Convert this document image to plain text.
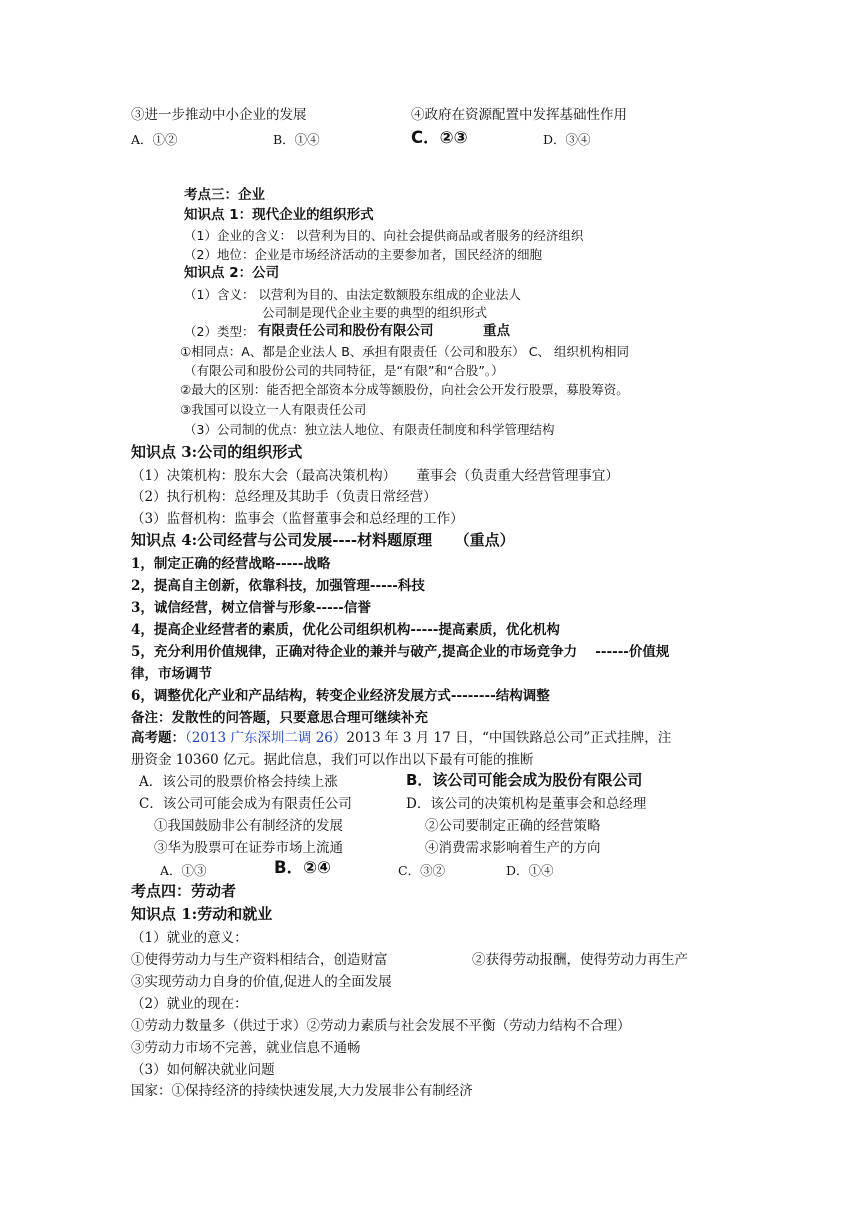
③进一步推动中小企业的发展	④政府在资源配置中发挥基础性作用
A．①②	B．①④	C．②③	D．③④
考点三：企业
知识点 1：现代企业的组织形式
（1）企业的含义： 以营利为目的、向社会提供商品或者服务的经济组织
（2）地位：企业是市场经济活动的主要参加者，国民经济的细胞
知识点 2：公司
（1）含义： 以营利为目的、由法定数额股东组成的企业法人
公司制是现代企业主要的典型的组织形式
（2）类型： 有限责任公司和股份有限公司	重点
①相同点：A、都是企业法人 B、承担有限责任（公司和股东） C、 组织机构相同
（有限公司和股份公司的共同特征，是“有限”和“合股”。）
②最大的区别：能否把全部资本分成等额股份，向社会公开发行股票，募股筹资。
③我国可以设立一人有限责任公司
（3）公司制的优点：独立法人地位、有限责任制度和科学管理结构
知识点 3:公司的组织形式
（1）决策机构：股东大会（最高决策机构）　　董事会（负责重大经营管理事宜）
（2）执行机构：总经理及其助手（负责日常经营）
（3）监督机构：监事会（监督董事会和总经理的工作）
知识点 4:公司经营与公司发展----材料题原理　　（重点）
1，制定正确的经营战略-----战略
2，提高自主创新，依靠科技，加强管理-----科技
3，诚信经营，树立信誉与形象-----信誉
4，提高企业经营者的素质，优化公司组织机构-----提高素质，优化机构
5，充分利用价值规律，正确对待企业的兼并与破产,提高企业的市场竞争力　 ------价值规
律，市场调节
6，调整优化产业和产品结构，转变企业经济发展方式--------结构调整
备注：发散性的问答题，只要意思合理可继续补充
高考题：（2013 广东深圳二调 26）2013 年 3 月 17 日，“中国铁路总公司”正式挂牌，注
册资金 10360 亿元。据此信息，我们可以作出以下最有可能的推断
A．该公司的股票价格会持续上涨	B．该公司可能会成为股份有限公司
C．该公司可能会成为有限责任公司	D．该公司的决策机构是董事会和总经理
①我国鼓励非公有制经济的发展	②公司要制定正确的经营策略
③华为股票可在证券市场上流通	④消费需求影响着生产的方向
A．①③	B．②④	C．③②	D．①④
考点四：劳动者
知识点 1:劳动和就业
（1）就业的意义：
①使得劳动力与生产资料相结合，创造财富	②获得劳动报酬，使得劳动力再生产
③实现劳动力自身的价值,促进人的全面发展
（2）就业的现在：
①劳动力数量多（供过于求）②劳动力素质与社会发展不平衡（劳动力结构不合理）
③劳动力市场不完善，就业信息不通畅
（3）如何解决就业问题
国家：①保持经济的持续快速发展,大力发展非公有制经济
